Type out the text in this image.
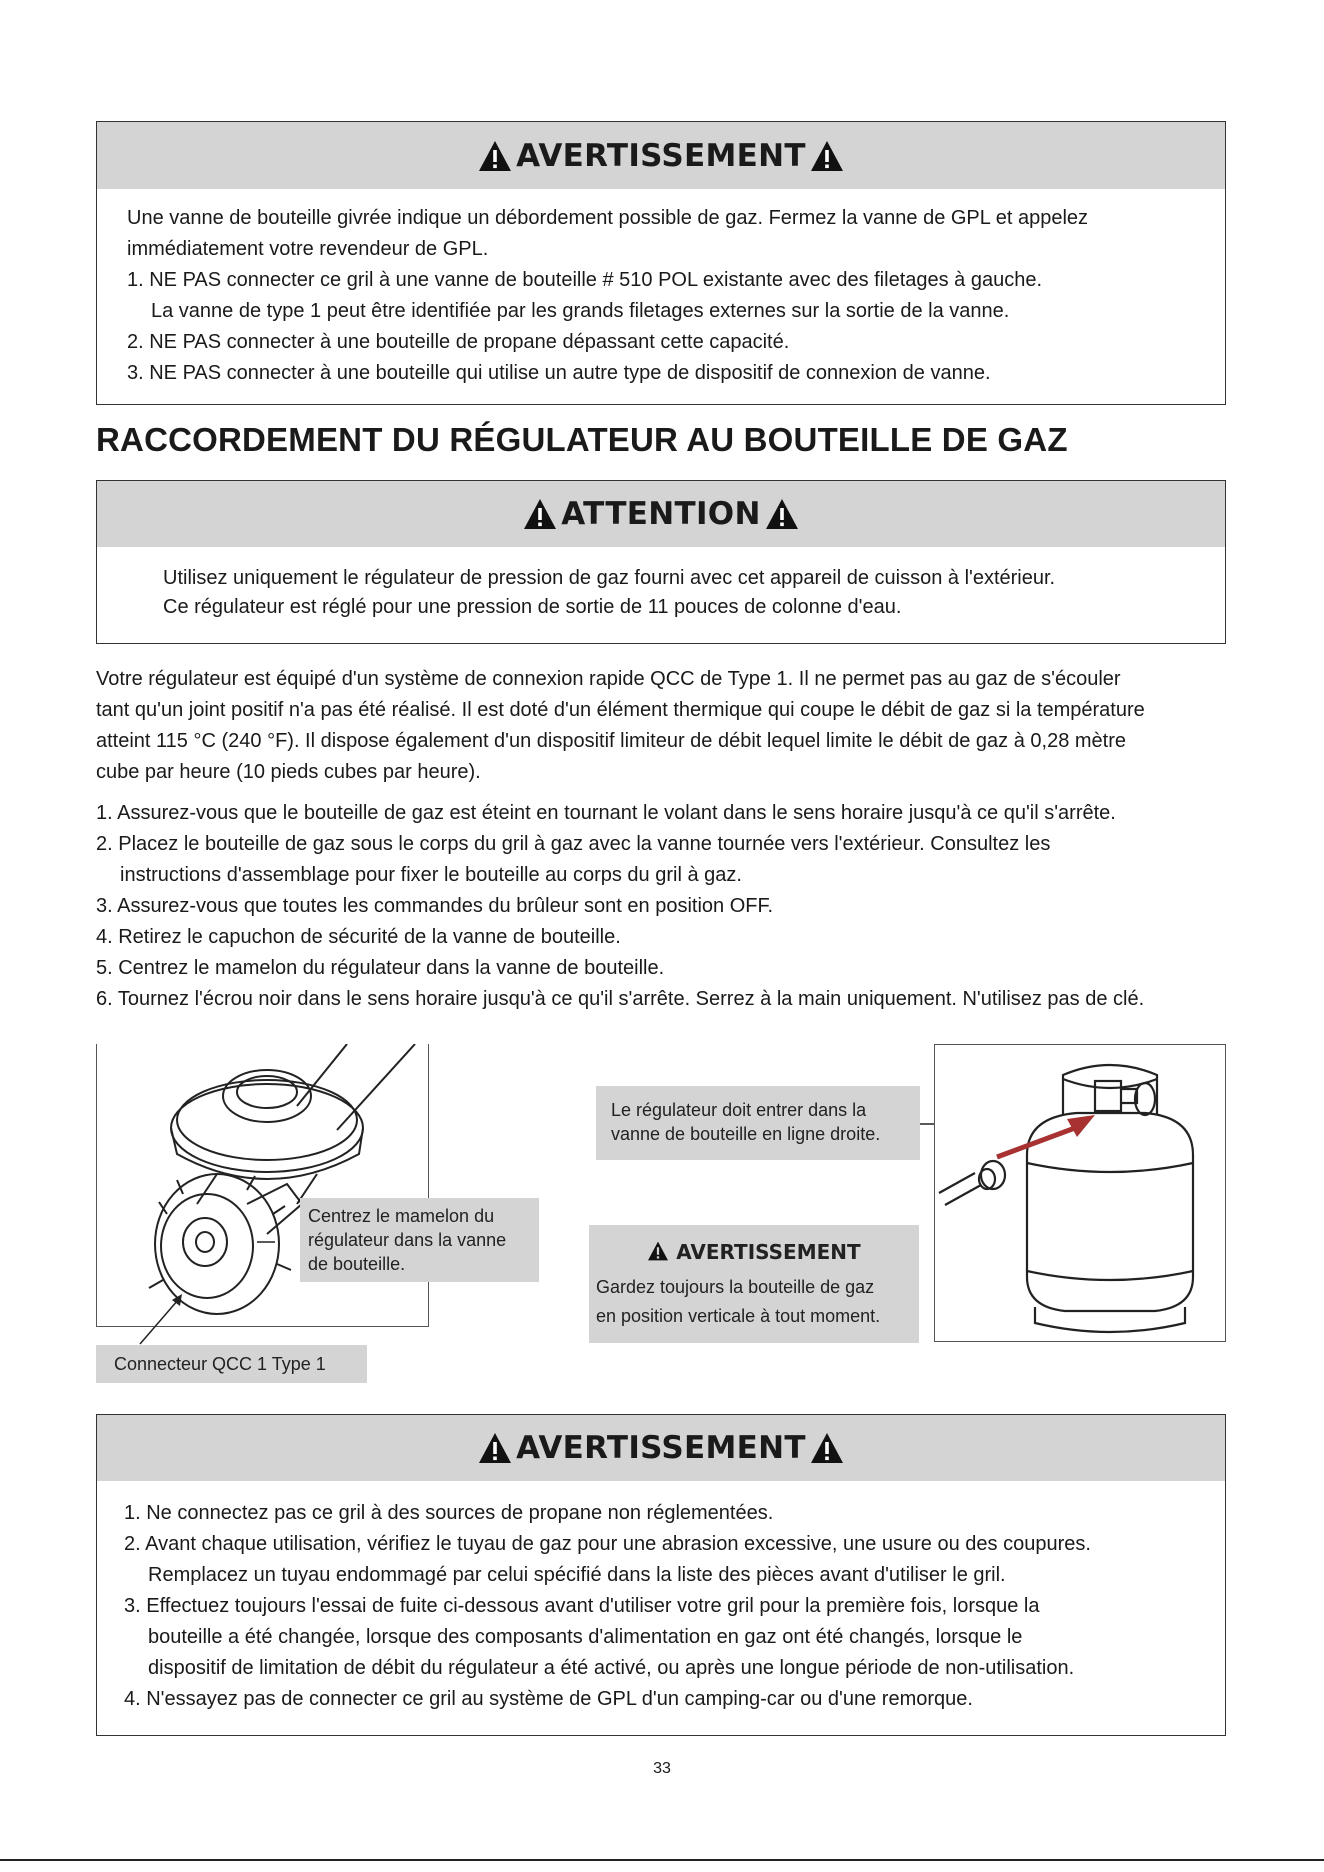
AVERTISSEMENT

Une vanne de bouteille givrée indique un débordement possible de gaz. Fermez la vanne de GPL et appelez

immédiatement votre revendeur de GPL.

1. NE PAS connecter ce gril à une vanne de bouteille # 510 POL existante avec des filetages à gauche.

La vanne de type 1 peut être identifiée par les grands filetages externes sur la sortie de la vanne.

2. NE PAS connecter à une bouteille de propane dépassant cette capacité.

3. NE PAS connecter à une bouteille qui utilise un autre type de dispositif de connexion de vanne.

RACCORDEMENT DU RÉGULATEUR AU BOUTEILLE DE GAZ
ATTENTION

Utilisez uniquement le régulateur de pression de gaz fourni avec cet appareil de cuisson à l'extérieur.

Ce régulateur est réglé pour une pression de sortie de 11 pouces de colonne d'eau.

Votre régulateur est équipé d'un système de connexion rapide QCC de Type 1. Il ne permet pas au gaz de s'écouler

tant qu'un joint positif n'a pas été réalisé. Il est doté d'un élément thermique qui coupe le débit de gaz si la température

atteint 115 °C (240 °F). Il dispose également d'un dispositif limiteur de débit lequel limite le débit de gaz à 0,28 mètre

cube par heure (10 pieds cubes par heure).

1. Assurez-vous que le bouteille de gaz est éteint en tournant le volant dans le sens horaire jusqu'à ce qu'il s'arrête.

2. Placez le bouteille de gaz sous le corps du gril à gaz avec la vanne tournée vers l'extérieur. Consultez les

instructions d'assemblage pour fixer le bouteille au corps du gril à gaz.

3. Assurez-vous que toutes les commandes du brûleur sont en position OFF.

4. Retirez le capuchon de sécurité de la vanne de bouteille.

5. Centrez le mamelon du régulateur dans la vanne de bouteille.

6. Tournez l'écrou noir dans le sens horaire jusqu'à ce qu'il s'arrête. Serrez à la main uniquement. N'utilisez pas de clé.

Centrez le mamelon du
régulateur dans la vanne
de bouteille.
Connecteur QCC 1 Type 1
Le régulateur doit entrer dans la
vanne de bouteille en ligne droite.
AVERTISSEMENT
Gardez toujours la bouteille de gaz
en position verticale à tout moment.
AVERTISSEMENT

1. Ne connectez pas ce gril à des sources de propane non réglementées.

2. Avant chaque utilisation, vérifiez le tuyau de gaz pour une abrasion excessive, une usure ou des coupures.

Remplacez un tuyau endommagé par celui spécifié dans la liste des pièces avant d'utiliser le gril.

3. Effectuez toujours l'essai de fuite ci-dessous avant d'utiliser votre gril pour la première fois, lorsque la

bouteille a été changée, lorsque des composants d'alimentation en gaz ont été changés, lorsque le

dispositif de limitation de débit du régulateur a été activé, ou après une longue période de non-utilisation.

4. N'essayez pas de connecter ce gril au système de GPL d'un camping-car ou d'une remorque.

33
